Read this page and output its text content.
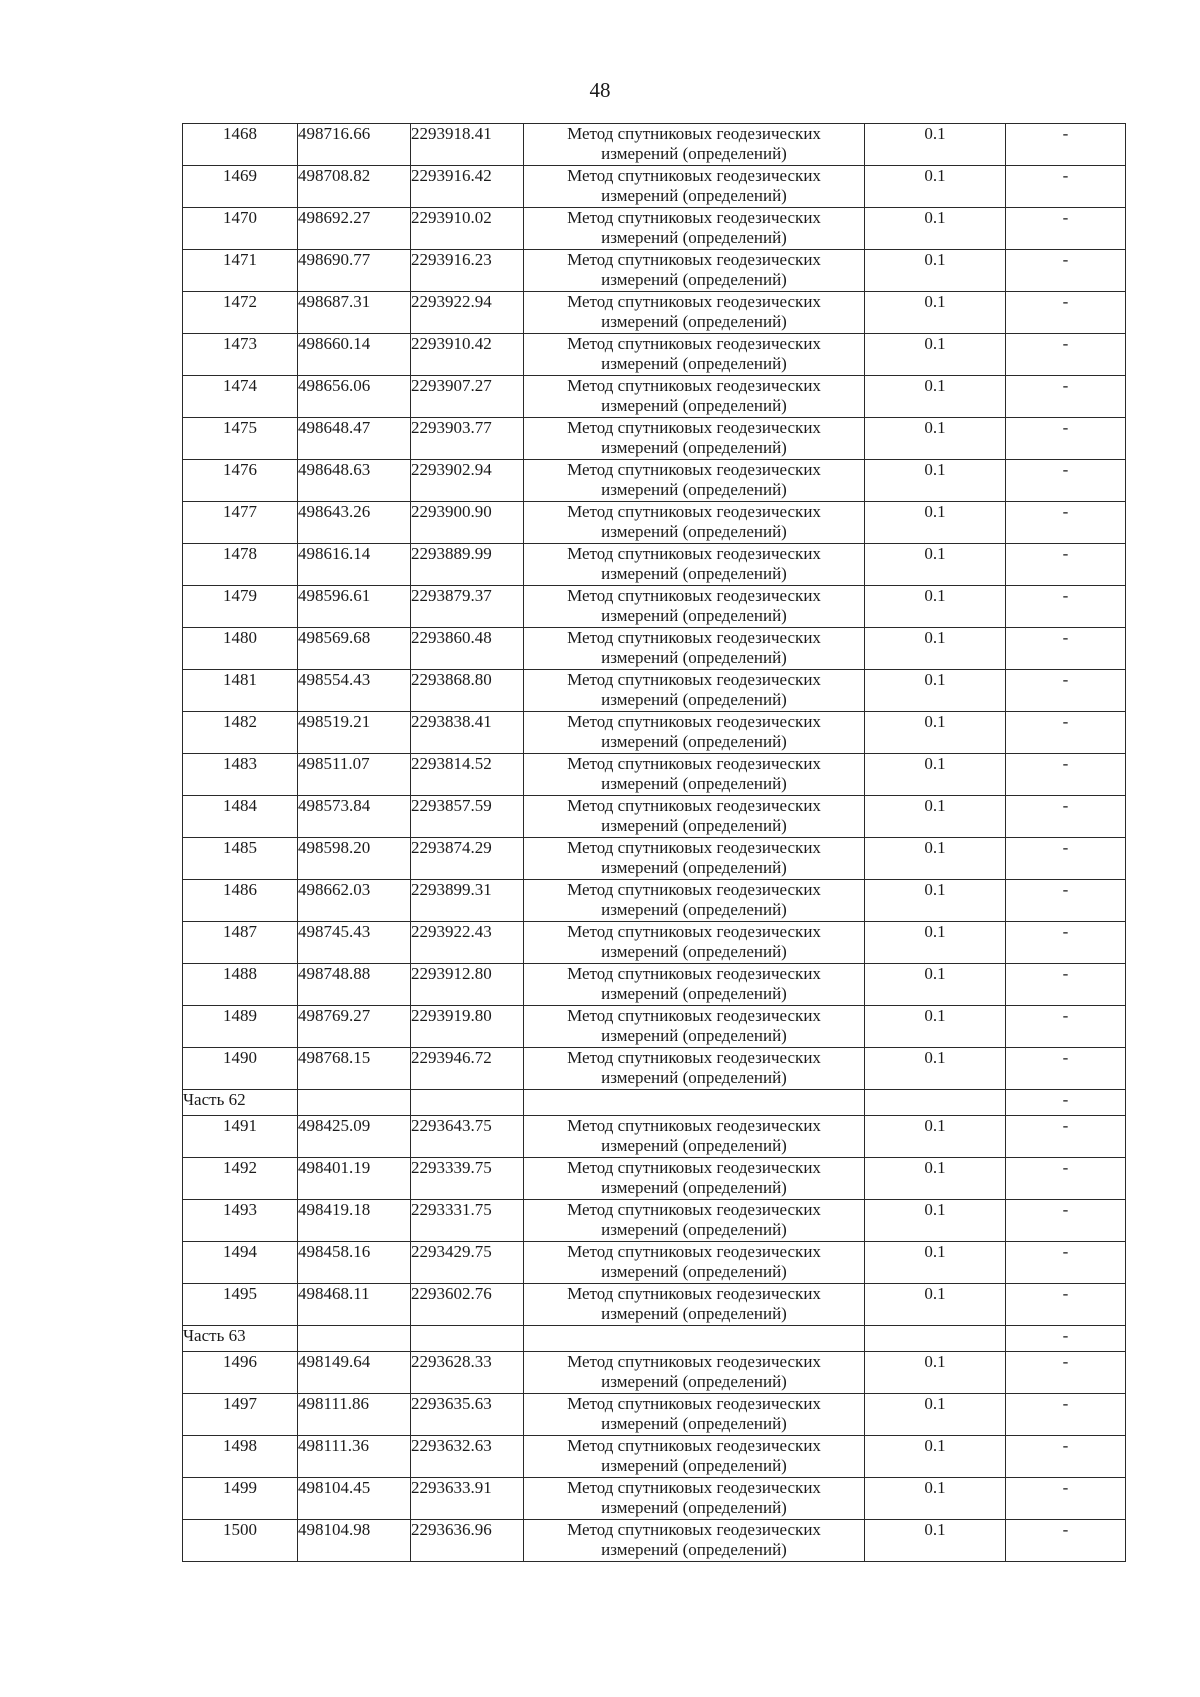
48
1468	498716.66	2293918.41	Метод спутниковых геодезических
измерений (определений)	0.1	-
1469	498708.82	2293916.42	Метод спутниковых геодезических
измерений (определений)	0.1	-
1470	498692.27	2293910.02	Метод спутниковых геодезических
измерений (определений)	0.1	-
1471	498690.77	2293916.23	Метод спутниковых геодезических
измерений (определений)	0.1	-
1472	498687.31	2293922.94	Метод спутниковых геодезических
измерений (определений)	0.1	-
1473	498660.14	2293910.42	Метод спутниковых геодезических
измерений (определений)	0.1	-
1474	498656.06	2293907.27	Метод спутниковых геодезических
измерений (определений)	0.1	-
1475	498648.47	2293903.77	Метод спутниковых геодезических
измерений (определений)	0.1	-
1476	498648.63	2293902.94	Метод спутниковых геодезических
измерений (определений)	0.1	-
1477	498643.26	2293900.90	Метод спутниковых геодезических
измерений (определений)	0.1	-
1478	498616.14	2293889.99	Метод спутниковых геодезических
измерений (определений)	0.1	-
1479	498596.61	2293879.37	Метод спутниковых геодезических
измерений (определений)	0.1	-
1480	498569.68	2293860.48	Метод спутниковых геодезических
измерений (определений)	0.1	-
1481	498554.43	2293868.80	Метод спутниковых геодезических
измерений (определений)	0.1	-
1482	498519.21	2293838.41	Метод спутниковых геодезических
измерений (определений)	0.1	-
1483	498511.07	2293814.52	Метод спутниковых геодезических
измерений (определений)	0.1	-
1484	498573.84	2293857.59	Метод спутниковых геодезических
измерений (определений)	0.1	-
1485	498598.20	2293874.29	Метод спутниковых геодезических
измерений (определений)	0.1	-
1486	498662.03	2293899.31	Метод спутниковых геодезических
измерений (определений)	0.1	-
1487	498745.43	2293922.43	Метод спутниковых геодезических
измерений (определений)	0.1	-
1488	498748.88	2293912.80	Метод спутниковых геодезических
измерений (определений)	0.1	-
1489	498769.27	2293919.80	Метод спутниковых геодезических
измерений (определений)	0.1	-
1490	498768.15	2293946.72	Метод спутниковых геодезических
измерений (определений)	0.1	-
Часть 62					-
1491	498425.09	2293643.75	Метод спутниковых геодезических
измерений (определений)	0.1	-
1492	498401.19	2293339.75	Метод спутниковых геодезических
измерений (определений)	0.1	-
1493	498419.18	2293331.75	Метод спутниковых геодезических
измерений (определений)	0.1	-
1494	498458.16	2293429.75	Метод спутниковых геодезических
измерений (определений)	0.1	-
1495	498468.11	2293602.76	Метод спутниковых геодезических
измерений (определений)	0.1	-
Часть 63					-
1496	498149.64	2293628.33	Метод спутниковых геодезических
измерений (определений)	0.1	-
1497	498111.86	2293635.63	Метод спутниковых геодезических
измерений (определений)	0.1	-
1498	498111.36	2293632.63	Метод спутниковых геодезических
измерений (определений)	0.1	-
1499	498104.45	2293633.91	Метод спутниковых геодезических
измерений (определений)	0.1	-
1500	498104.98	2293636.96	Метод спутниковых геодезических
измерений (определений)	0.1	-
